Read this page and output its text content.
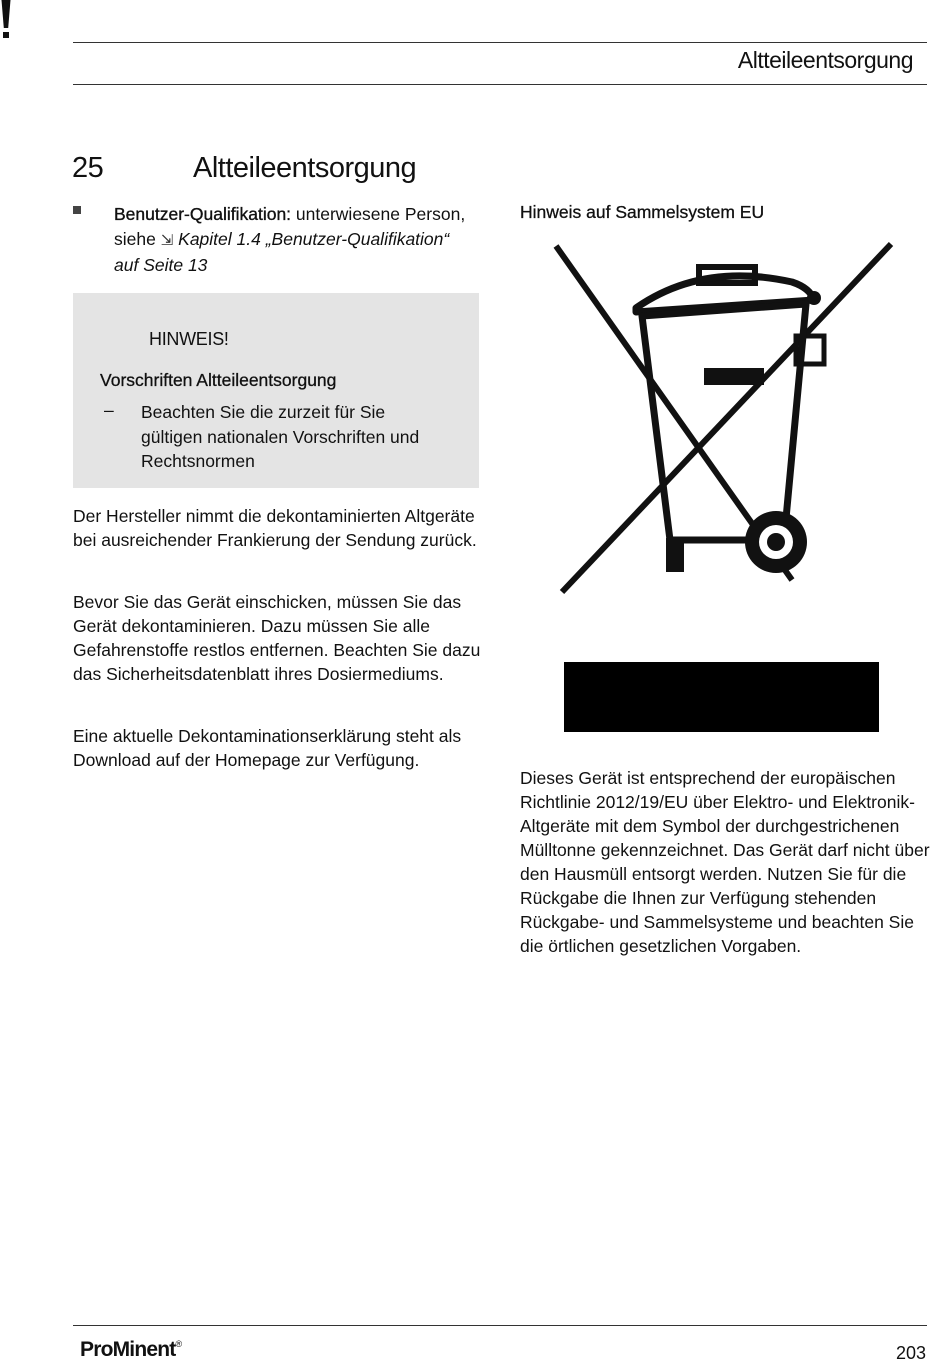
Altteileentsorgung
25	Altteileentsorgung
Benutzer-Qualifikation: unterwiesene Person, siehe ⇲ Kapitel 1.4 „Benutzer-Qualifikation“ auf Seite 13
HINWEIS!
Vorschriften Altteileentsorgung
– Beachten Sie die zurzeit für Sie gültigen nationalen Vorschriften und Rechtsnormen
Der Hersteller nimmt die dekontaminierten Altgeräte bei ausreichender Frankierung der Sendung zurück.
Bevor Sie das Gerät einschicken, müssen Sie das Gerät dekontaminieren. Dazu müssen Sie alle Gefahrenstoffe restlos entfernen. Beachten Sie dazu das Sicherheitsdatenblatt ihres Dosiermediums.
Eine aktuelle Dekontaminationserklärung steht als Download auf der Homepage zur Verfügung.
Hinweis auf Sammelsystem EU
Dieses Gerät ist entsprechend der europäischen Richtlinie 2012/19/EU über Elektro- und Elektronik-Altgeräte mit dem Symbol der durchgestrichenen Mülltonne gekennzeichnet. Das Gerät darf nicht über den Hausmüll entsorgt werden. Nutzen Sie für die Rückgabe die Ihnen zur Verfügung stehenden Rückgabe- und Sammelsysteme und beachten Sie die örtlichen gesetzlichen Vorgaben.
ProMinent®	203
